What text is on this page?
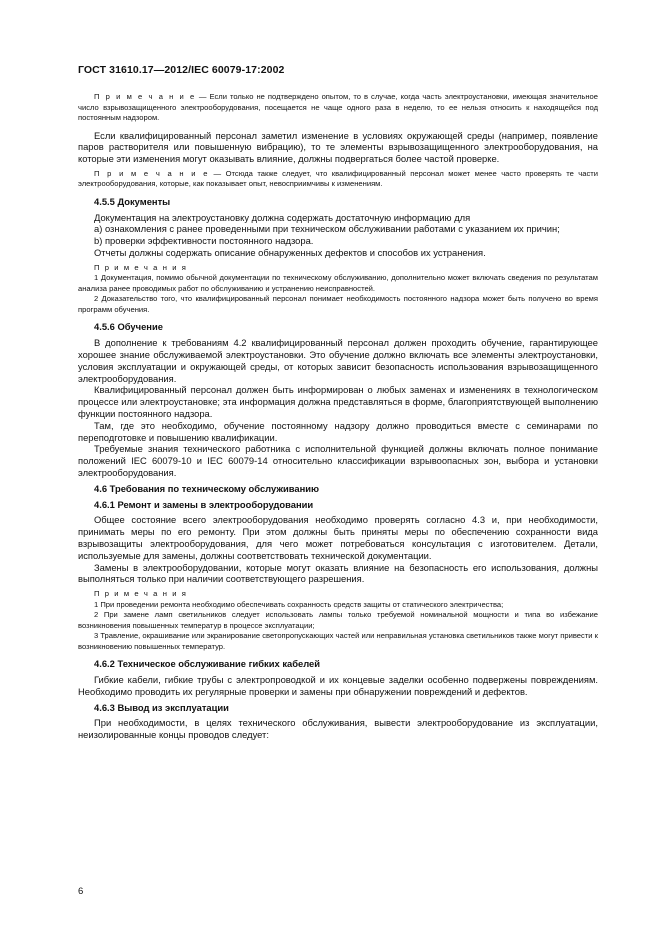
ГОСТ 31610.17—2012/IEC 60079-17:2002

П р и м е ч а н и е — Если только не подтверждено опытом, то в случае, когда часть электроустановки, имеющая значительное число взрывозащищенного электрооборудования, посещается не чаще одного раза в неделю, то ее нельзя относить к находящейся под постоянным надзором.

Если квалифицированный персонал заметил изменение в условиях окружающей среды (например, появление паров растворителя или повышенную вибрацию), то те элементы взрывозащищенного электрооборудования, на которые эти изменения могут оказывать влияние, должны подвергаться более частой проверке.

П р и м е ч а н и е — Отсюда также следует, что квалифицированный персонал может менее часто проверять те части электрооборудования, которые, как показывает опыт, невосприимчивы к изменениям.

4.5.5 Документы

Документация на электроустановку должна содержать достаточную информацию для

a) ознакомления с ранее проведенными при техническом обслуживании работами с указанием их причин;

b) проверки эффективности постоянного надзора.

Отчеты должны содержать описание обнаруженных дефектов и способов их устранения.

П р и м е ч а н и я

1 Документация, помимо обычной документации по техническому обслуживанию, дополнительно может включать сведения по результатам анализа ранее проводимых работ по обслуживанию и устранению неисправностей.

2 Доказательство того, что квалифицированный персонал понимает необходимость постоянного надзора может быть получено во время программ обучения.

4.5.6 Обучение

В дополнение к требованиям 4.2 квалифицированный персонал должен проходить обучение, гарантирующее хорошее знание обслуживаемой электроустановки. Это обучение должно включать все элементы электроустановки, условия эксплуатации и окружающей среды, от которых зависит безопасность использования взрывозащищенного электрооборудования.

Квалифицированный персонал должен быть информирован о любых заменах и изменениях в технологическом процессе или электроустановке; эта информация должна представляться в форме, благоприятствующей выполнению функции постоянного надзора.

Там, где это необходимо, обучение постоянному надзору должно проводиться вместе с семинарами по переподготовке и повышению квалификации.

Требуемые знания технического работника с исполнительной функцией должны включать полное понимание положений IEC 60079-10 и IEC 60079-14 относительно классификации взрывоопасных зон, выбора и установки электрооборудования.

4.6 Требования по техническому обслуживанию

4.6.1 Ремонт и замены в электрооборудовании

Общее состояние всего электрооборудования необходимо проверять согласно 4.3 и, при необходимости, принимать меры по его ремонту. При этом должны быть приняты меры по обеспечению сохранности вида взрывозащиты электрооборудования, для чего может потребоваться консультация с изготовителем. Детали, используемые для замены, должны соответствовать технической документации.

Замены в электрооборудовании, которые могут оказать влияние на безопасность его использования, должны выполняться только при наличии соответствующего разрешения.

П р и м е ч а н и я

1 При проведении ремонта необходимо обеспечивать сохранность средств защиты от статического электричества;

2 При замене ламп светильников следует использовать лампы только требуемой номинальной мощности и типа во избежание возникновения повышенных температур в процессе эксплуатации;

3 Травление, окрашивание или экранирование светопропускающих частей или неправильная установка светильников также могут привести к возникновению повышенных температур.

4.6.2 Техническое обслуживание гибких кабелей

Гибкие кабели, гибкие трубы с электропроводкой и их концевые заделки особенно подвержены повреждениям. Необходимо проводить их регулярные проверки и замены при обнаружении повреждений и дефектов.

4.6.3 Вывод из эксплуатации

При необходимости, в целях технического обслуживания, вывести электрооборудование из эксплуатации, неизолированные концы проводов следует:

6
